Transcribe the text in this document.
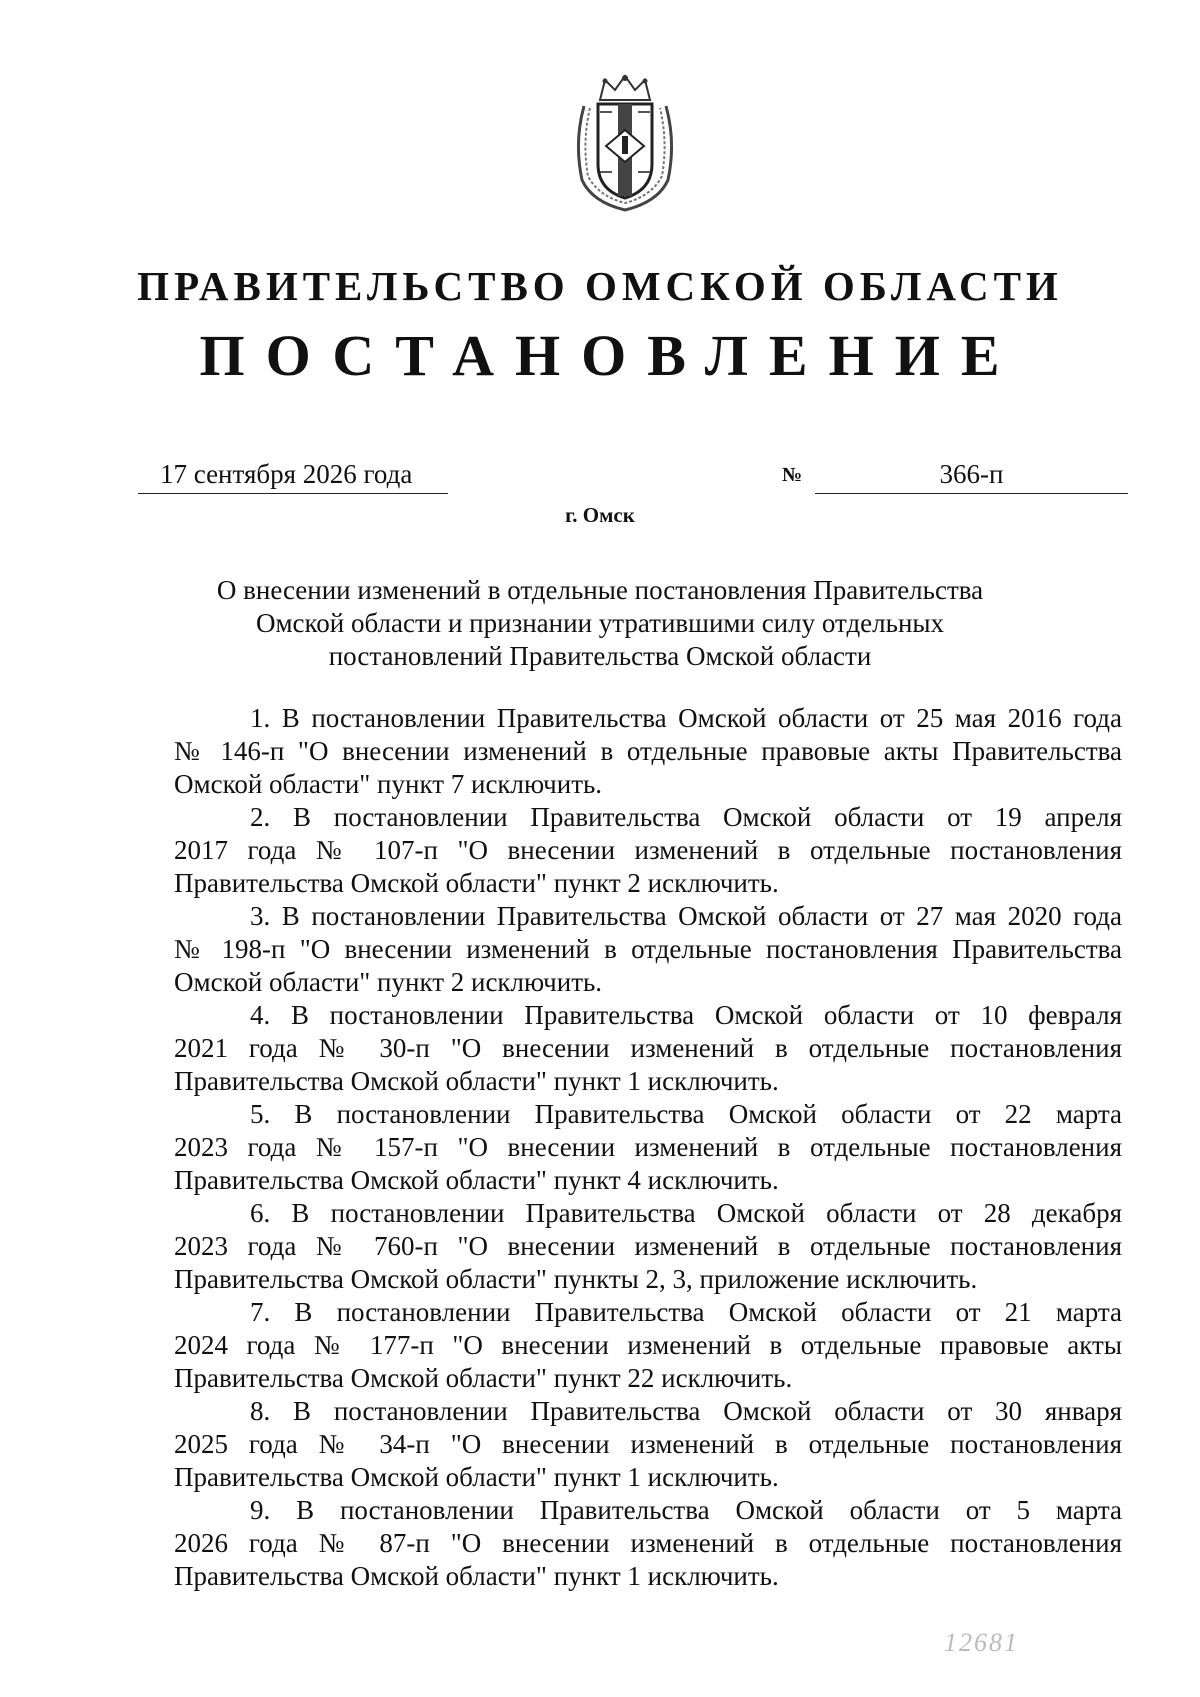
ПРАВИТЕЛЬСТВО ОМСКОЙ ОБЛАСТИ
ПОСТАНОВЛЕНИЕ
17 сентября 2026 года	№	366-п
г. Омск
О внесении изменений в отдельные постановления Правительства
Омской области и признании утратившими силу отдельных
постановлений Правительства Омской области
1. В постановлении Правительства Омской области от 25 мая 2016 года
№ 146-п "О внесении изменений в отдельные правовые акты Правительства
Омской области" пункт 7 исключить.
2. В постановлении Правительства Омской области от 19 апреля
2017 года № 107-п "О внесении изменений в отдельные постановления
Правительства Омской области" пункт 2 исключить.
3. В постановлении Правительства Омской области от 27 мая 2020 года
№ 198-п "О внесении изменений в отдельные постановления Правительства
Омской области" пункт 2 исключить.
4. В постановлении Правительства Омской области от 10 февраля
2021 года № 30-п "О внесении изменений в отдельные постановления
Правительства Омской области" пункт 1 исключить.
5. В постановлении Правительства Омской области от 22 марта
2023 года № 157-п "О внесении изменений в отдельные постановления
Правительства Омской области" пункт 4 исключить.
6. В постановлении Правительства Омской области от 28 декабря
2023 года № 760-п "О внесении изменений в отдельные постановления
Правительства Омской области" пункты 2, 3, приложение исключить.
7. В постановлении Правительства Омской области от 21 марта
2024 года № 177-п "О внесении изменений в отдельные правовые акты
Правительства Омской области" пункт 22 исключить.
8. В постановлении Правительства Омской области от 30 января
2025 года № 34-п "О внесении изменений в отдельные постановления
Правительства Омской области" пункт 1 исключить.
9. В постановлении Правительства Омской области от 5 марта
2026 года № 87-п "О внесении изменений в отдельные постановления
Правительства Омской области" пункт 1 исключить.
12681
